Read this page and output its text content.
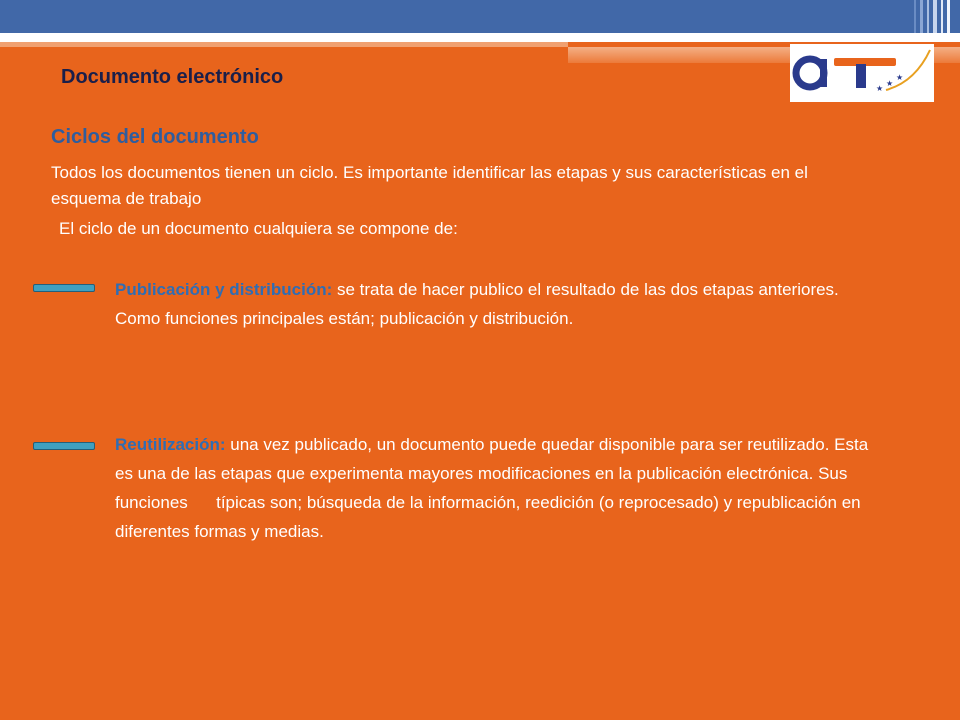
★
★
★
Documento electrónico
Ciclos del documento
Todos los documentos tienen un ciclo. Es importante identificar las etapas y sus características en el esquema de trabajo
El ciclo de un documento cualquiera se compone de:
Publicación y distribución: se trata de hacer publico el resultado de las dos etapas anteriores. Como funciones principales están; publicación y distribución.
Reutilización: una vez publicado, un documento puede quedar disponible para ser reutilizado. Esta es una de las etapas que experimenta mayores modificaciones en la publicación electrónica. Sus funciones      típicas son; búsqueda de la información, reedición (o reprocesado) y republicación en diferentes formas y medias.
